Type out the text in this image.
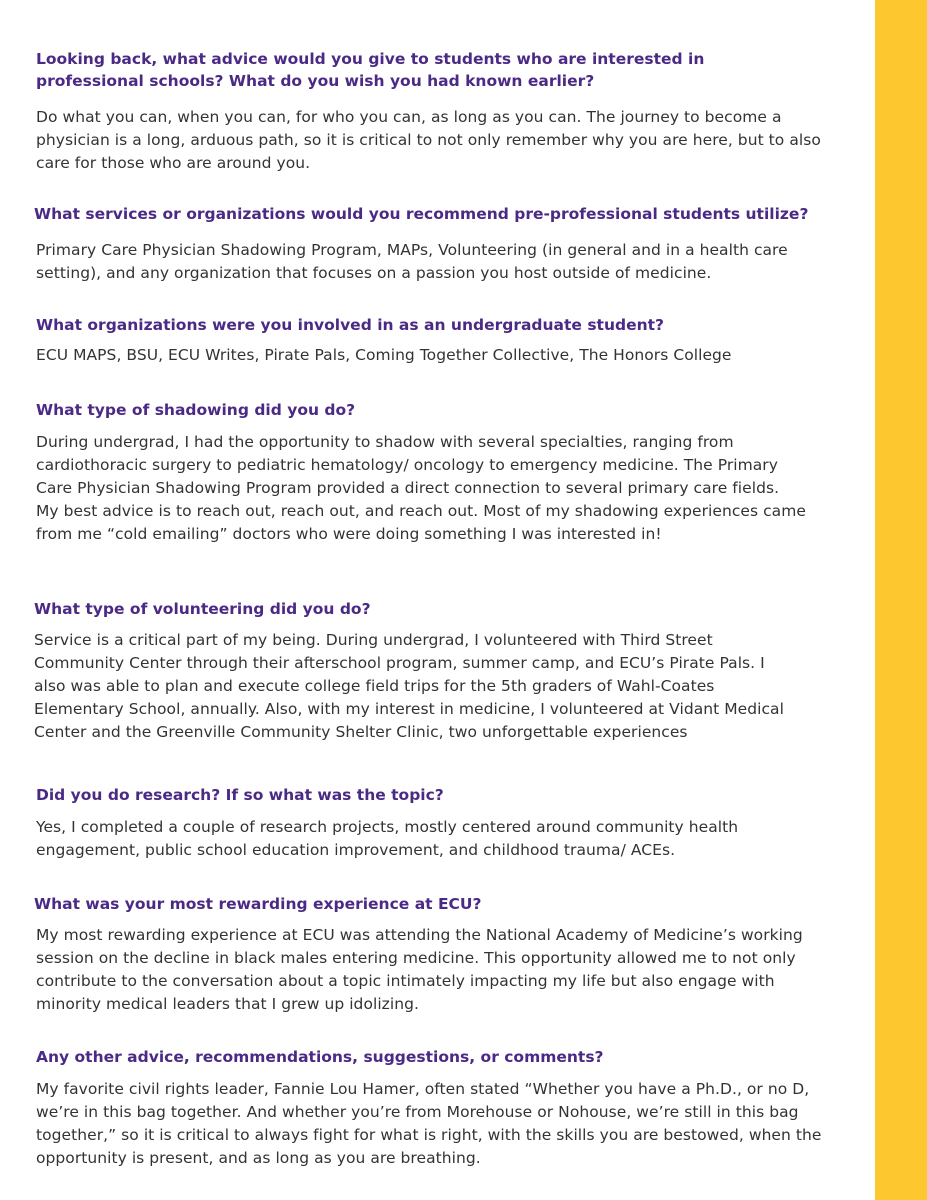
Looking back, what advice would you give to students who are interested in professional schools? What do you wish you had known earlier?

Do what you can, when you can, for who you can, as long as you can. The journey to become a physician is a long, arduous path, so it is critical to not only remember why you are here, but to also care for those who are around you.

What services or organizations would you recommend pre-professional students utilize?

Primary Care Physician Shadowing Program, MAPs, Volunteering (in general and in a health care setting), and any organization that focuses on a passion you host outside of medicine.

What organizations were you involved in as an undergraduate student?

ECU MAPS, BSU, ECU Writes, Pirate Pals, Coming Together Collective, The Honors College

What type of shadowing did you do?

During undergrad, I had the opportunity to shadow with several specialties, ranging from cardiothoracic surgery to pediatric hematology/ oncology to emergency medicine. The Primary Care Physician Shadowing Program provided a direct connection to several primary care fields. My best advice is to reach out, reach out, and reach out. Most of my shadowing experiences came from me “cold emailing” doctors who were doing something I was interested in!

What type of volunteering did you do?

Service is a critical part of my being. During undergrad, I volunteered with Third Street Community Center through their afterschool program, summer camp, and ECU’s Pirate Pals. I also was able to plan and execute college field trips for the 5th graders of Wahl-Coates Elementary School, annually. Also, with my interest in medicine, I volunteered at Vidant Medical Center and the Greenville Community Shelter Clinic, two unforgettable experiences

Did you do research? If so what was the topic?

Yes, I completed a couple of research projects, mostly centered around community health engagement, public school education improvement, and childhood trauma/ ACEs.

What was your most rewarding experience at ECU?

My most rewarding experience at ECU was attending the National Academy of Medicine’s working session on the decline in black males entering medicine. This opportunity allowed me to not only contribute to the conversation about a topic intimately impacting my life but also engage with minority medical leaders that I grew up idolizing.

Any other advice, recommendations, suggestions, or comments?

My favorite civil rights leader, Fannie Lou Hamer, often stated “Whether you have a Ph.D., or no D, we’re in this bag together. And whether you’re from Morehouse or Nohouse, we’re still in this bag together,” so it is critical to always fight for what is right, with the skills you are bestowed, when the opportunity is present, and as long as you are breathing.
